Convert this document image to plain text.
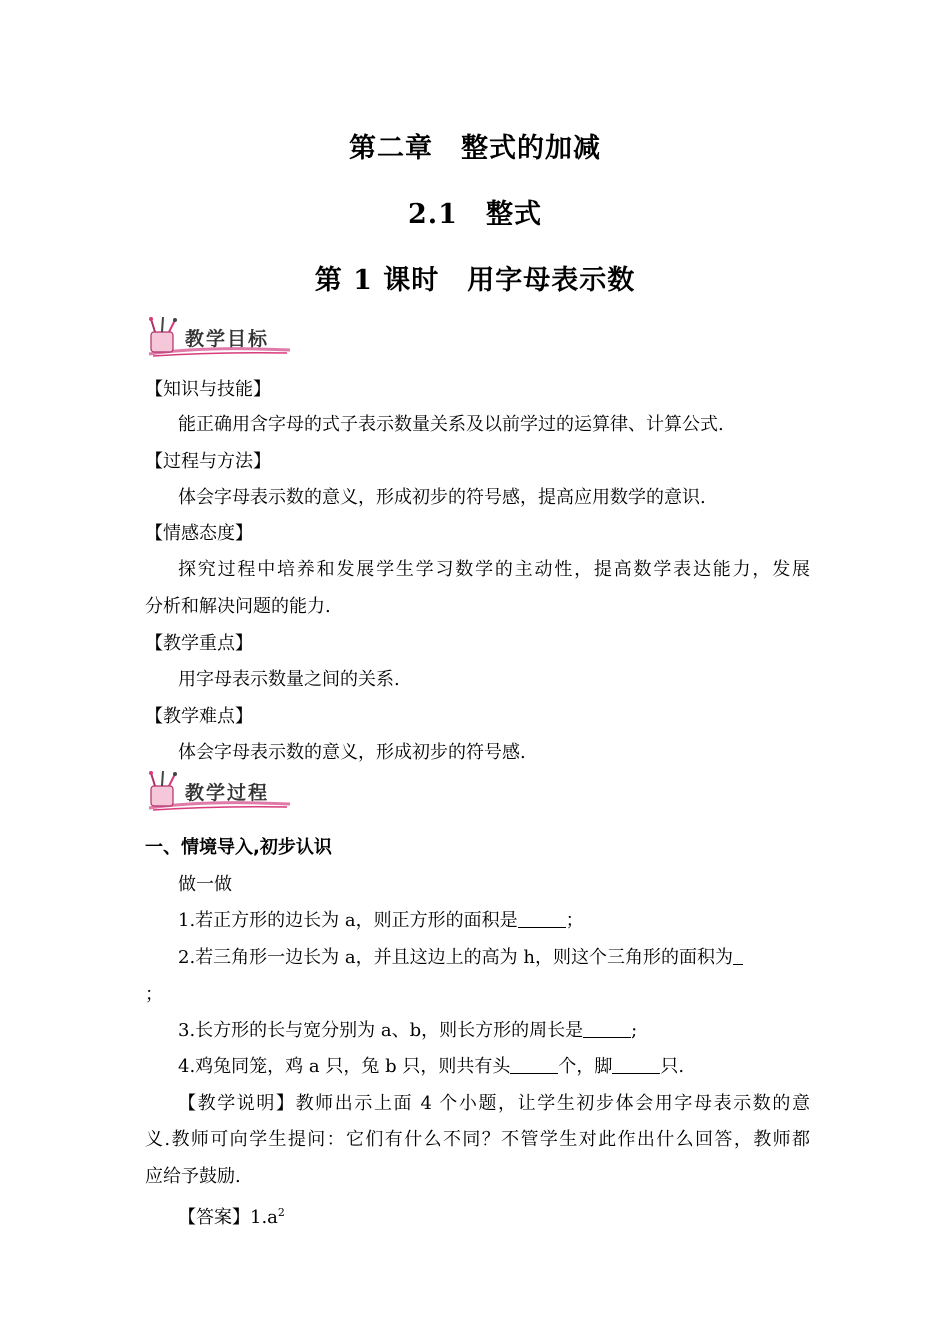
第二章　整式的加减
2.1　整式
第 1 课时　用字母表示数
教学目标
【知识与技能】
能正确用含字母的式子表示数量关系及以前学过的运算律、计算公式.
【过程与方法】
体会字母表示数的意义，形成初步的符号感，提高应用数学的意识.
【情感态度】
探究过程中培养和发展学生学习数学的主动性，提高数学表达能力，发展
分析和解决问题的能力.
【教学重点】
用字母表示数量之间的关系.
【教学难点】
体会字母表示数的意义，形成初步的符号感.
教学过程
一、情境导入,初步认识
做一做
1.若正方形的边长为 a，则正方形的面积是	；
2.若三角形一边长为 a，并且这边上的高为 h，则这个三角形的面积为
；
3.长方形的长与宽分别为 a、b，则长方形的周长是	;
4.鸡兔同笼，鸡 a 只，兔 b 只，则共有头	个，脚	只.
【教学说明】教师出示上面 4 个小题，让学生初步体会用字母表示数的意
义.教师可向学生提问：它们有什么不同？不管学生对此作出什么回答，教师都
应给予鼓励.
【答案】$1.a^2$
